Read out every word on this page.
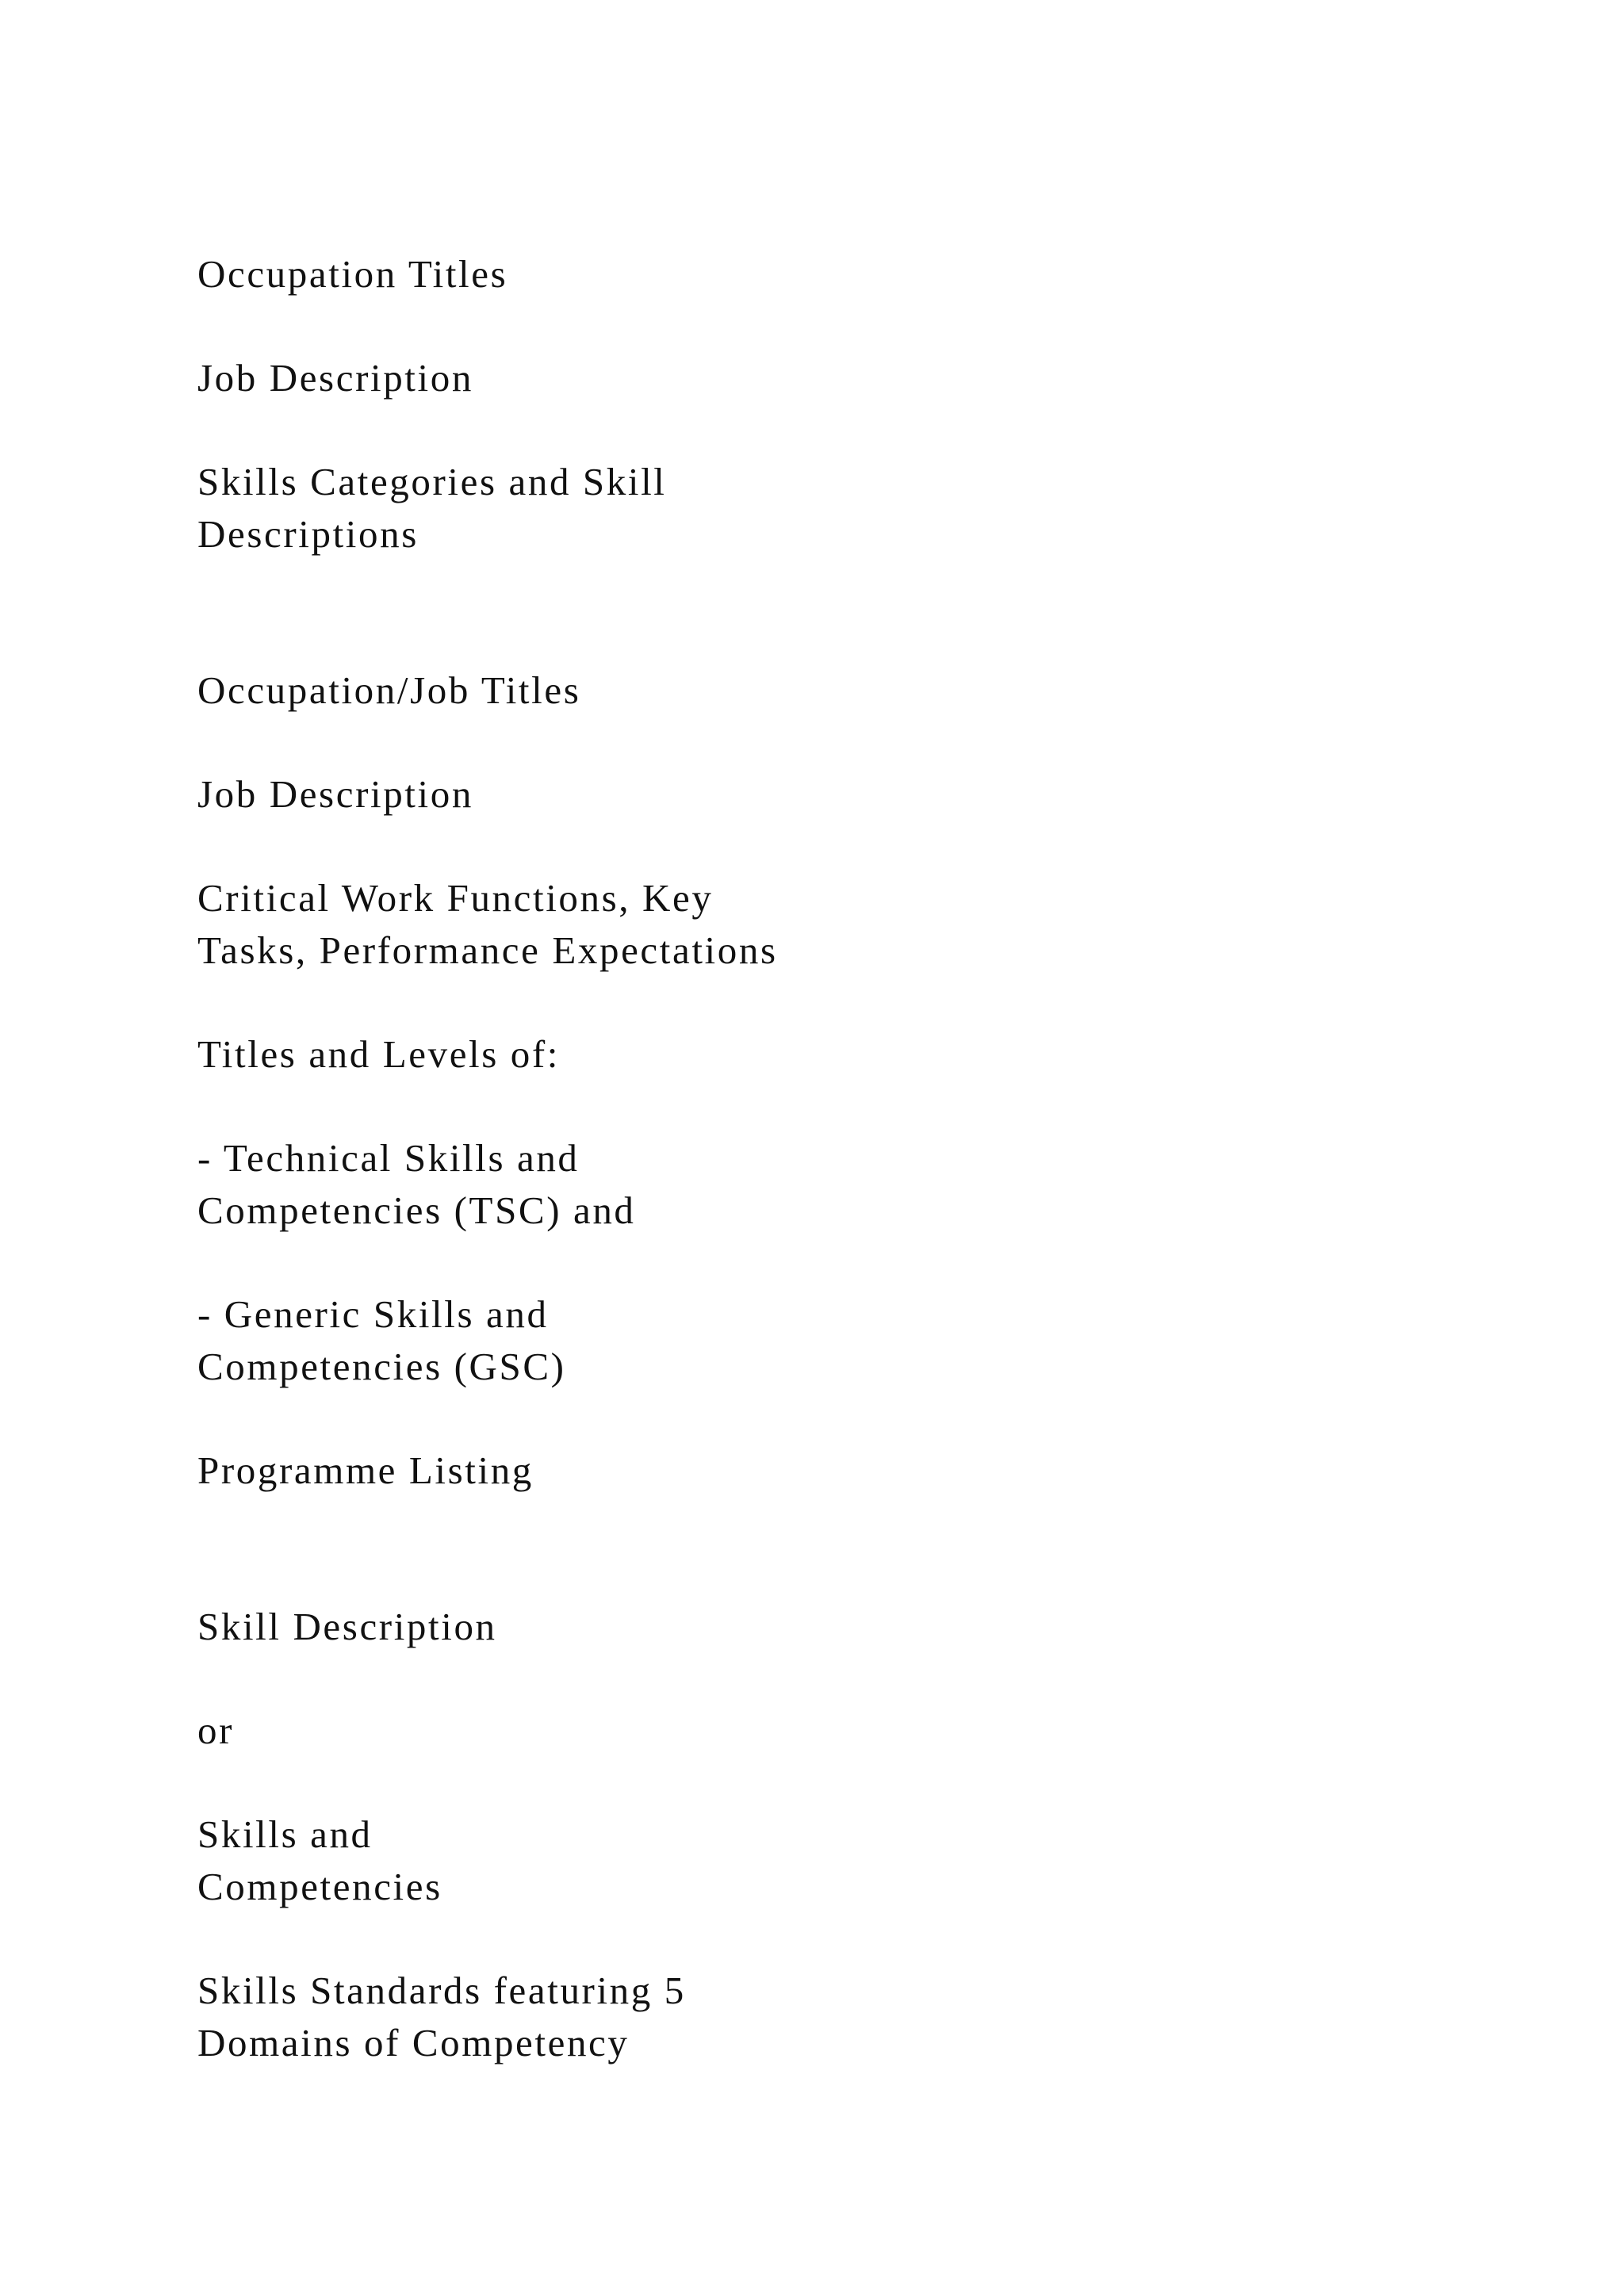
Occupation Titles

Job Description

Skills Categories and Skill
Descriptions

Occupation/Job Titles

Job Description

Critical Work Functions, Key
Tasks, Performance Expectations

Titles and Levels of:

- Technical Skills and
Competencies (TSC) and

- Generic Skills and
Competencies (GSC)

Programme Listing

Skill Description

or

Skills and
Competencies

Skills Standards featuring 5
Domains of Competency
